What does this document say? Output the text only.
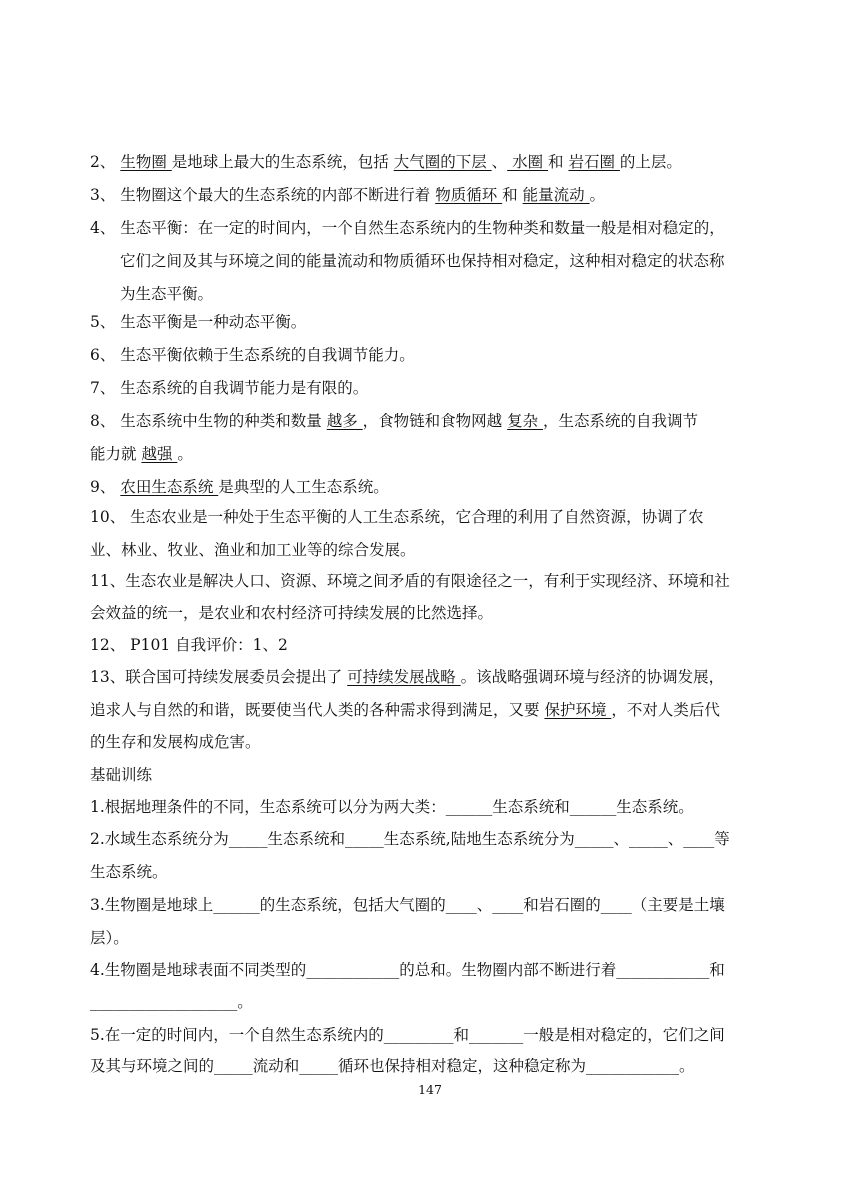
2、 生物圈 是地球上最大的生态系统，包括 大气圈的下层 、 水圈 和 岩石圈 的上层。
3、 生物圈这个最大的生态系统的内部不断进行着 物质循环 和 能量流动 。
4、 生态平衡：在一定的时间内，一个自然生态系统内的生物种类和数量一般是相对稳定的，
它们之间及其与环境之间的能量流动和物质循环也保持相对稳定，这种相对稳定的状态称
为生态平衡。
5、 生态平衡是一种动态平衡。
6、 生态平衡依赖于生态系统的自我调节能力。
7、 生态系统的自我调节能力是有限的。
8、 生态系统中生物的种类和数量 越多 ，食物链和食物网越 复杂 ，生态系统的自我调节
能力就 越强 。
9、 农田生态系统 是典型的人工生态系统。
10、 生态农业是一种处于生态平衡的人工生态系统，它合理的利用了自然资源，协调了农
业、林业、牧业、渔业和加工业等的综合发展。
11、生态农业是解决人口、资源、环境之间矛盾的有限途径之一，有利于实现经济、环境和社
会效益的统一，是农业和农村经济可持续发展的比然选择。
12、 P101 自我评价：1、2
13、联合国可持续发展委员会提出了 可持续发展战略 。该战略强调环境与经济的协调发展，
追求人与自然的和谐，既要使当代人类的各种需求得到满足，又要 保护环境 ，不对人类后代
的生存和发展构成危害。
基础训练
1.根据地理条件的不同，生态系统可以分为两大类：______生态系统和______生态系统。
2.水域生态系统分为_____生态系统和_____生态系统,陆地生态系统分为_____、_____、____等
生态系统。
3.生物圈是地球上______的生态系统，包括大气圈的____、____和岩石圈的____（主要是土壤
层）。
4.生物圈是地球表面不同类型的____________的总和。生物圈内部不断进行着____________和
___________________。
5.在一定的时间内，一个自然生态系统内的_________和_______一般是相对稳定的，它们之间
及其与环境之间的_____流动和_____循环也保持相对稳定，这种稳定称为____________。
147
